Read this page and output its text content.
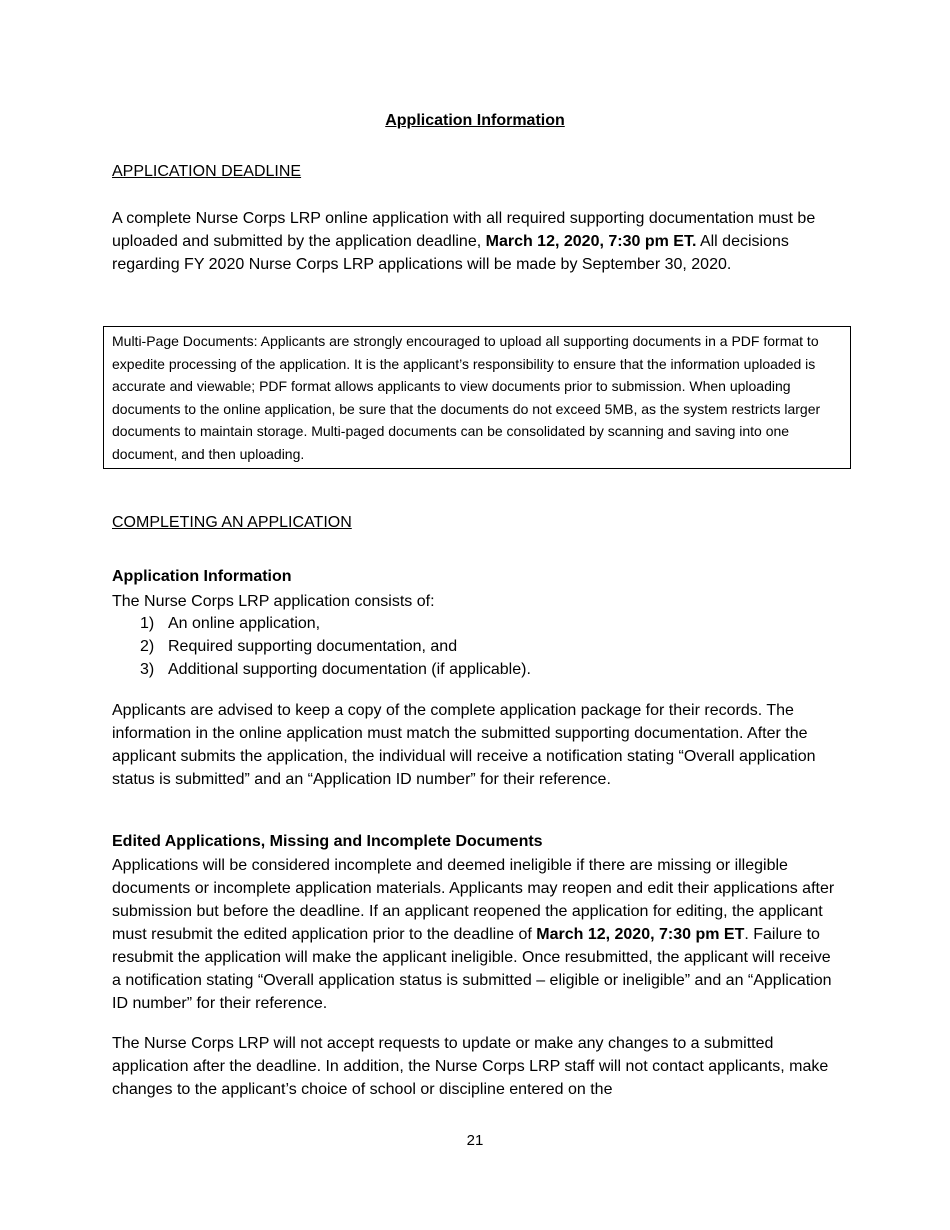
Application Information
APPLICATION DEADLINE

A complete Nurse Corps LRP online application with all required supporting documentation must be uploaded and submitted by the application deadline, March 12, 2020, 7:30 pm ET. All decisions regarding FY 2020 Nurse Corps LRP applications will be made by September 30, 2020.

Multi-Page Documents: Applicants are strongly encouraged to upload all supporting documents in a PDF format to expedite processing of the application. It is the applicant’s responsibility to ensure that the information uploaded is accurate and viewable; PDF format allows applicants to view documents prior to submission. When uploading documents to the online application, be sure that the documents do not exceed 5MB, as the system restricts larger documents to maintain storage. Multi-paged documents can be consolidated by scanning and saving into one document, and then uploading.
COMPLETING AN APPLICATION
Application Information

The Nurse Corps LRP application consists of:

1) An online application,
2) Required supporting documentation, and
3) Additional supporting documentation (if applicable).

Applicants are advised to keep a copy of the complete application package for their records. The information in the online application must match the submitted supporting documentation. After the applicant submits the application, the individual will receive a notification stating “Overall application status is submitted” and an “Application ID number” for their reference.

Edited Applications, Missing and Incomplete Documents

Applications will be considered incomplete and deemed ineligible if there are missing or illegible documents or incomplete application materials. Applicants may reopen and edit their applications after submission but before the deadline. If an applicant reopened the application for editing, the applicant must resubmit the edited application prior to the deadline of March 12, 2020, 7:30 pm ET. Failure to resubmit the application will make the applicant ineligible. Once resubmitted, the applicant will receive a notification stating “Overall application status is submitted – eligible or ineligible” and an “Application ID number” for their reference.

The Nurse Corps LRP will not accept requests to update or make any changes to a submitted application after the deadline. In addition, the Nurse Corps LRP staff will not contact applicants, make changes to the applicant’s choice of school or discipline entered on the

21
